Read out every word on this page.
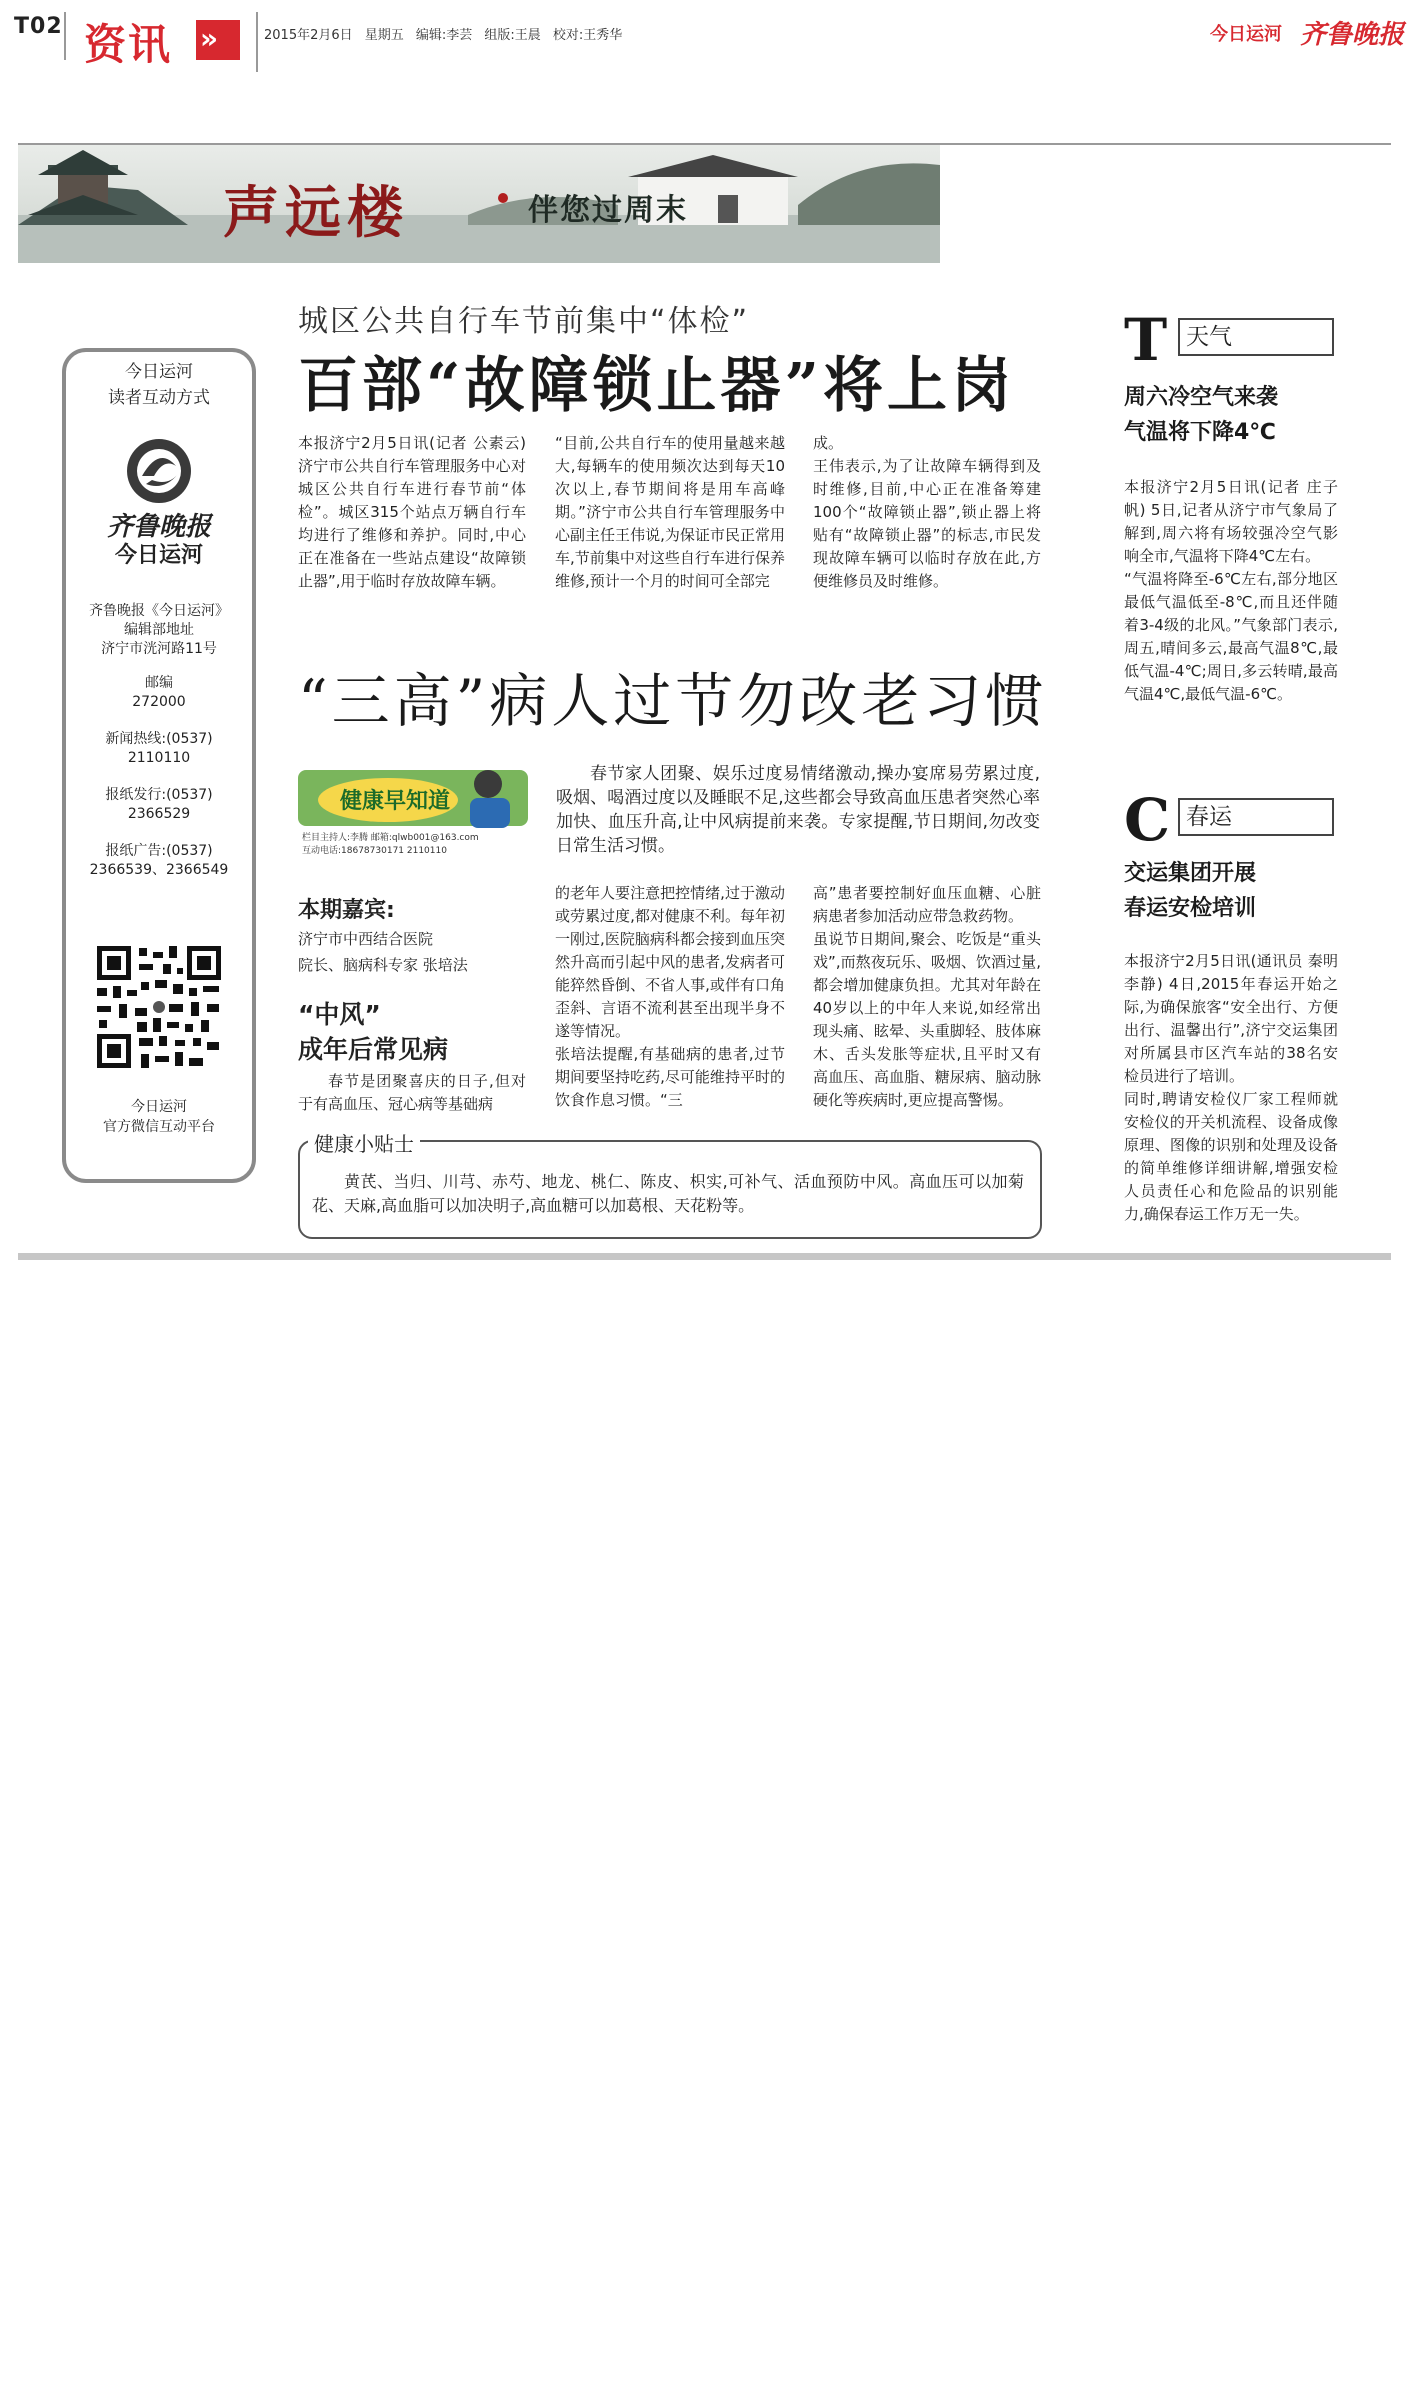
T02 资讯 »	2015年2月6日 星期五 编辑:李芸 组版:王晨 校对:王秀华	今日运河 齐鲁晚报
声远楼	伴您过周末
今日运河
读者互动方式
齐鲁晚报
今日运河
齐鲁晚报《今日运河》
编辑部地址
济宁市洸河路11号
邮编
272000
新闻热线:(0537)
2110110
报纸发行:(0537)
2366529
报纸广告:(0537)
2366539、2366549
今日运河
官方微信互动平台
城区公共自行车节前集中“体检”
百部“故障锁止器”将上岗
本报济宁2月5日讯(记者 公素云) 济宁市公共自行车管理服务中心对城区公共自行车进行春节前“体检”。城区315个站点万辆自行车均进行了维修和养护。同时,中心正在准备在一些站点建设“故障锁止器”,用于临时存放故障车辆。
“目前,公共自行车的使用量越来越大,每辆车的使用频次达到每天10次以上,春节期间将是用车高峰期。”济宁市公共自行车管理服务中心副主任王伟说,为保证市民正常用车,节前集中对这些自行车进行保养维修,预计一个月的时间可全部完
成。
王伟表示,为了让故障车辆得到及时维修,目前,中心正在准备筹建100个“故障锁止器”,锁止器上将贴有“故障锁止器”的标志,市民发现故障车辆可以临时存放在此,方便维修员及时维修。
“三高”病人过节勿改老习惯
春节家人团聚、娱乐过度易情绪激动,操办宴席易劳累过度,吸烟、喝酒过度以及睡眠不足,这些都会导致高血压患者突然心率加快、血压升高,让中风病提前来袭。专家提醒,节日期间,勿改变日常生活习惯。
健康早知道
栏目主持人:李腾 邮箱:qlwb001@163.com
互动电话:18678730171 2110110
本期嘉宾:
济宁市中西结合医院
院长、脑病科专家 张培法
“中风”
成年后常见病
春节是团聚喜庆的日子,但对于有高血压、冠心病等基础病
的老年人要注意把控情绪,过于激动或劳累过度,都对健康不利。每年初一刚过,医院脑病科都会接到血压突然升高而引起中风的患者,发病者可能猝然昏倒、不省人事,或伴有口角歪斜、言语不流利甚至出现半身不遂等情况。
张培法提醒,有基础病的患者,过节期间要坚持吃药,尽可能维持平时的饮食作息习惯。“三
高”患者要控制好血压血糖、心脏病患者参加活动应带急救药物。
虽说节日期间,聚会、吃饭是“重头戏”,而熬夜玩乐、吸烟、饮酒过量,都会增加健康负担。尤其对年龄在40岁以上的中年人来说,如经常出现头痛、眩晕、头重脚轻、肢体麻木、舌头发胀等症状,且平时又有高血压、高血脂、糖尿病、脑动脉硬化等疾病时,更应提高警惕。
健康小贴士
黄芪、当归、川芎、赤芍、地龙、桃仁、陈皮、枳实,可补气、活血预防中风。高血压可以加菊花、天麻,高血脂可以加决明子,高血糖可以加葛根、天花粉等。
T 天气
周六冷空气来袭
气温将下降4℃
本报济宁2月5日讯(记者 庄子帆) 5日,记者从济宁市气象局了解到,周六将有场较强冷空气影响全市,气温将下降4℃左右。
“气温将降至-6℃左右,部分地区最低气温低至-8℃,而且还伴随着3-4级的北风。”气象部门表示,周五,晴间多云,最高气温8℃,最低气温-4℃;周日,多云转晴,最高气温4℃,最低气温-6℃。
C 春运
交运集团开展
春运安检培训
本报济宁2月5日讯(通讯员 秦明 李静) 4日,2015年春运开始之际,为确保旅客“安全出行、方便出行、温馨出行”,济宁交运集团对所属县市区汽车站的38名安检员进行了培训。
同时,聘请安检仪厂家工程师就安检仪的开关机流程、设备成像原理、图像的识别和处理及设备的简单维修详细讲解,增强安检人员责任心和危险品的识别能力,确保春运工作万无一失。
